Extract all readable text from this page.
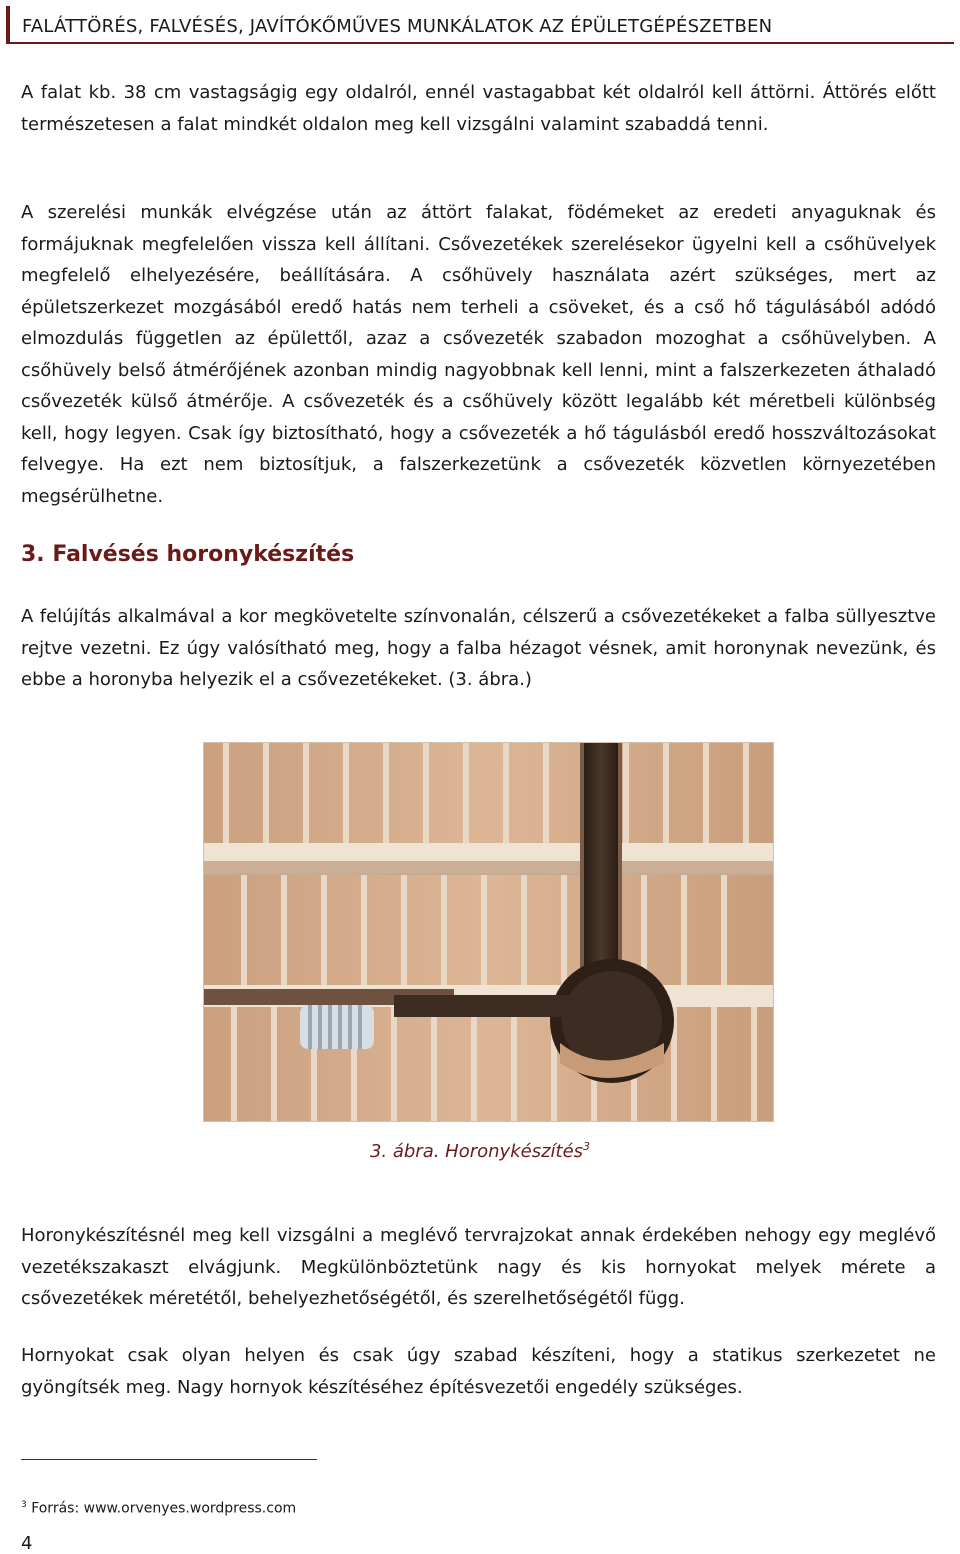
FALÁTTÖRÉS, FALVÉSÉS, JAVÍTÓKŐMŰVES MUNKÁLATOK AZ ÉPÜLETGÉPÉSZETBEN

A falat kb. 38 cm vastagságig egy oldalról, ennél vastagabbat két oldalról kell áttörni. Áttörés előtt természetesen a falat mindkét oldalon meg kell vizsgálni valamint szabaddá tenni.

A szerelési munkák elvégzése után az áttört falakat, födémeket az eredeti anyaguknak és formájuknak megfelelően vissza kell állítani. Csővezetékek szerelésekor ügyelni kell a csőhüvelyek megfelelő elhelyezésére, beállítására. A csőhüvely használata azért szükséges, mert az épületszerkezet mozgásából eredő hatás nem terheli a csöveket, és a cső hő tágulásából adódó elmozdulás független az épülettől, azaz a csővezeték szabadon mozoghat a csőhüvelyben. A csőhüvely belső átmérőjének azonban mindig nagyobbnak kell lenni, mint a falszerkezeten áthaladó csővezeték külső átmérője. A csővezeték és a csőhüvely között legalább két méretbeli különbség kell, hogy legyen. Csak így biztosítható, hogy a csővezeték a hő tágulásból eredő hosszváltozásokat felvegye. Ha ezt nem biztosítjuk, a falszerkezetünk a csővezeték közvetlen környezetében megsérülhetne.

3. Falvésés horonykészítés

A felújítás alkalmával a kor megkövetelte színvonalán, célszerű a csővezetékeket a falba süllyesztve rejtve vezetni. Ez úgy valósítható meg, hogy a falba hézagot vésnek, amit horonynak nevezünk, és ebbe a horonyba helyezik el a csővezetékeket. (3. ábra.)

3. ábra. Horonykészítés$^3$

Horonykészítésnél meg kell vizsgálni a meglévő tervrajzokat annak érdekében nehogy egy meglévő vezetékszakaszt elvágjunk. Megkülönböztetünk nagy és kis hornyokat melyek mérete a csővezetékek méretétől, behelyezhetőségétől, és szerelhetőségétől függ.

Hornyokat csak olyan helyen és csak úgy szabad készíteni, hogy a statikus szerkezetet ne gyöngítsék meg. Nagy hornyok készítéséhez építésvezetői engedély szükséges.

$^3$ Forrás: www.orvenyes.wordpress.com

4
